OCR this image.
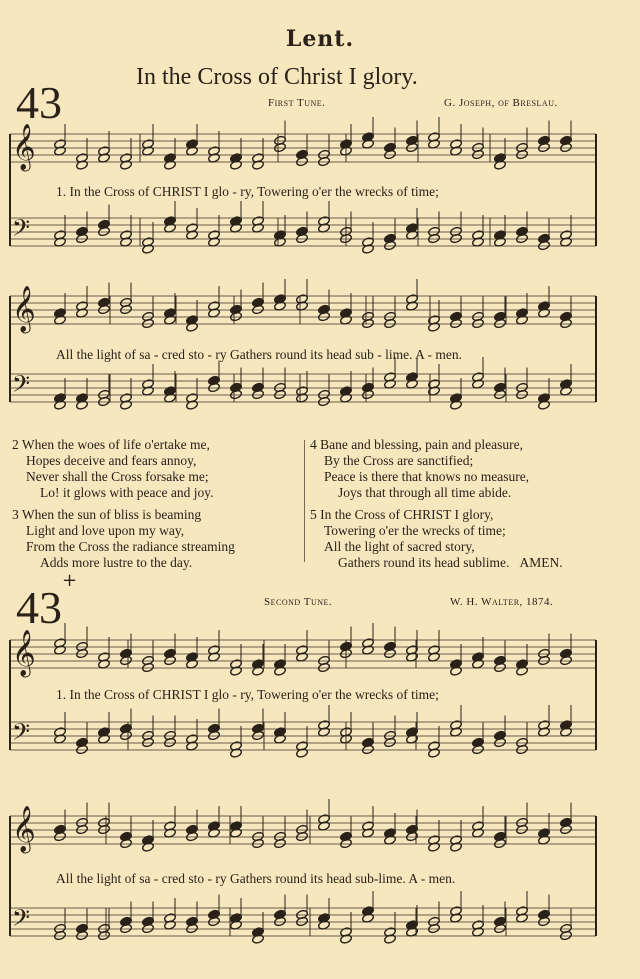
Lent.
43	In the Cross of Christ I glory.
First Tune.	G. Joseph, of Breslau.
𝄞
𝄢
1. In the Cross of CHRIST I glo - ry, Towering o'er the wrecks of time;
𝄞
𝄢
All the light of sa - cred sto - ry Gathers round its head sub - lime. A - men.
2 When the woes of life o'ertake me,
Hopes deceive and fears annoy,
Never shall the Cross forsake me;
Lo! it glows with peace and joy.
3 When the sun of bliss is beaming
Light and love upon my way,
From the Cross the radiance streaming
Adds more lustre to the day.
4 Bane and blessing, pain and pleasure,
By the Cross are sanctified;
Peace is there that knows no measure,
Joys that through all time abide.
5 In the Cross of CHRIST I glory,
Towering o'er the wrecks of time;
All the light of sacred story,
Gathers round its head sublime. AMEN.
43
+
Second Tune.	W. H. Walter, 1874.
𝄞
𝄢
1. In the Cross of CHRIST I glo - ry, Towering o'er the wrecks of time;
𝄞
𝄢
All the light of sa - cred sto - ry Gathers round its head sub-lime. A - men.
